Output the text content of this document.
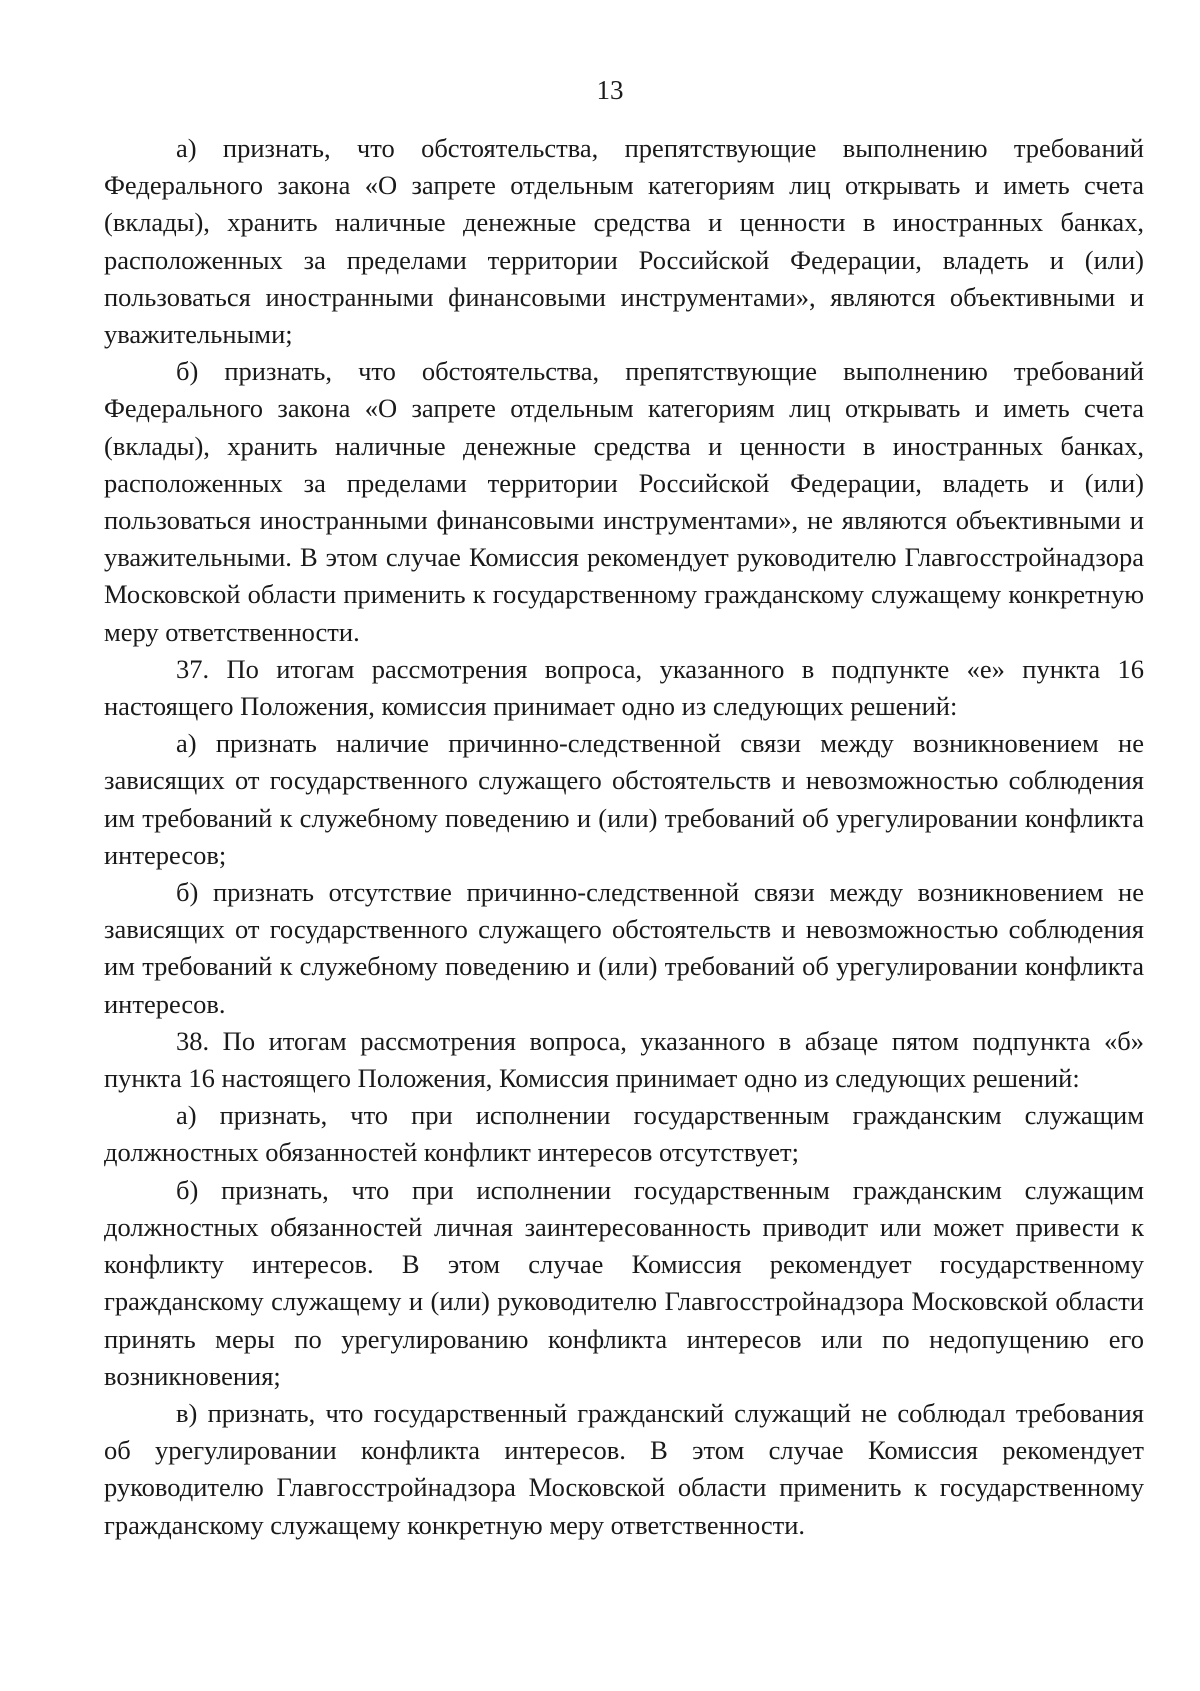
13

а) признать, что обстоятельства, препятствующие выполнению требований Федерального закона «О запрете отдельным категориям лиц открывать и иметь счета (вклады), хранить наличные денежные средства и ценности в иностранных банках, расположенных за пределами территории Российской Федерации, владеть и (или) пользоваться иностранными финансовыми инструментами», являются объективными и уважительными;

б) признать, что обстоятельства, препятствующие выполнению требований Федерального закона «О запрете отдельным категориям лиц открывать и иметь счета (вклады), хранить наличные денежные средства и ценности в иностранных банках, расположенных за пределами территории Российской Федерации, владеть и (или) пользоваться иностранными финансовыми инструментами», не являются объективными и уважительными. В этом случае Комиссия рекомендует руководителю Главгосстройнадзора Московской области применить к государственному гражданскому служащему конкретную меру ответственности.

37. По итогам рассмотрения вопроса, указанного в подпункте «е» пункта 16 настоящего Положения, комиссия принимает одно из следующих решений:

а) признать наличие причинно-следственной связи между возникновением не зависящих от государственного служащего обстоятельств и невозможностью соблюдения им требований к служебному поведению и (или) требований об урегулировании конфликта интересов;

б) признать отсутствие причинно-следственной связи между возникновением не зависящих от государственного служащего обстоятельств и невозможностью соблюдения им требований к служебному поведению и (или) требований об урегулировании конфликта интересов.

38. По итогам рассмотрения вопроса, указанного в абзаце пятом подпункта «б» пункта 16 настоящего Положения, Комиссия принимает одно из следующих решений:

а) признать, что при исполнении государственным гражданским служащим должностных обязанностей конфликт интересов отсутствует;

б) признать, что при исполнении государственным гражданским служащим должностных обязанностей личная заинтересованность приводит или может привести к конфликту интересов. В этом случае Комиссия рекомендует государственному гражданскому служащему и (или) руководителю Главгосстройнадзора Московской области принять меры по урегулированию конфликта интересов или по недопущению его возникновения;

в) признать, что государственный гражданский служащий не соблюдал требования об урегулировании конфликта интересов. В этом случае Комиссия рекомендует руководителю Главгосстройнадзора Московской области применить к государственному гражданскому служащему конкретную меру ответственности.
